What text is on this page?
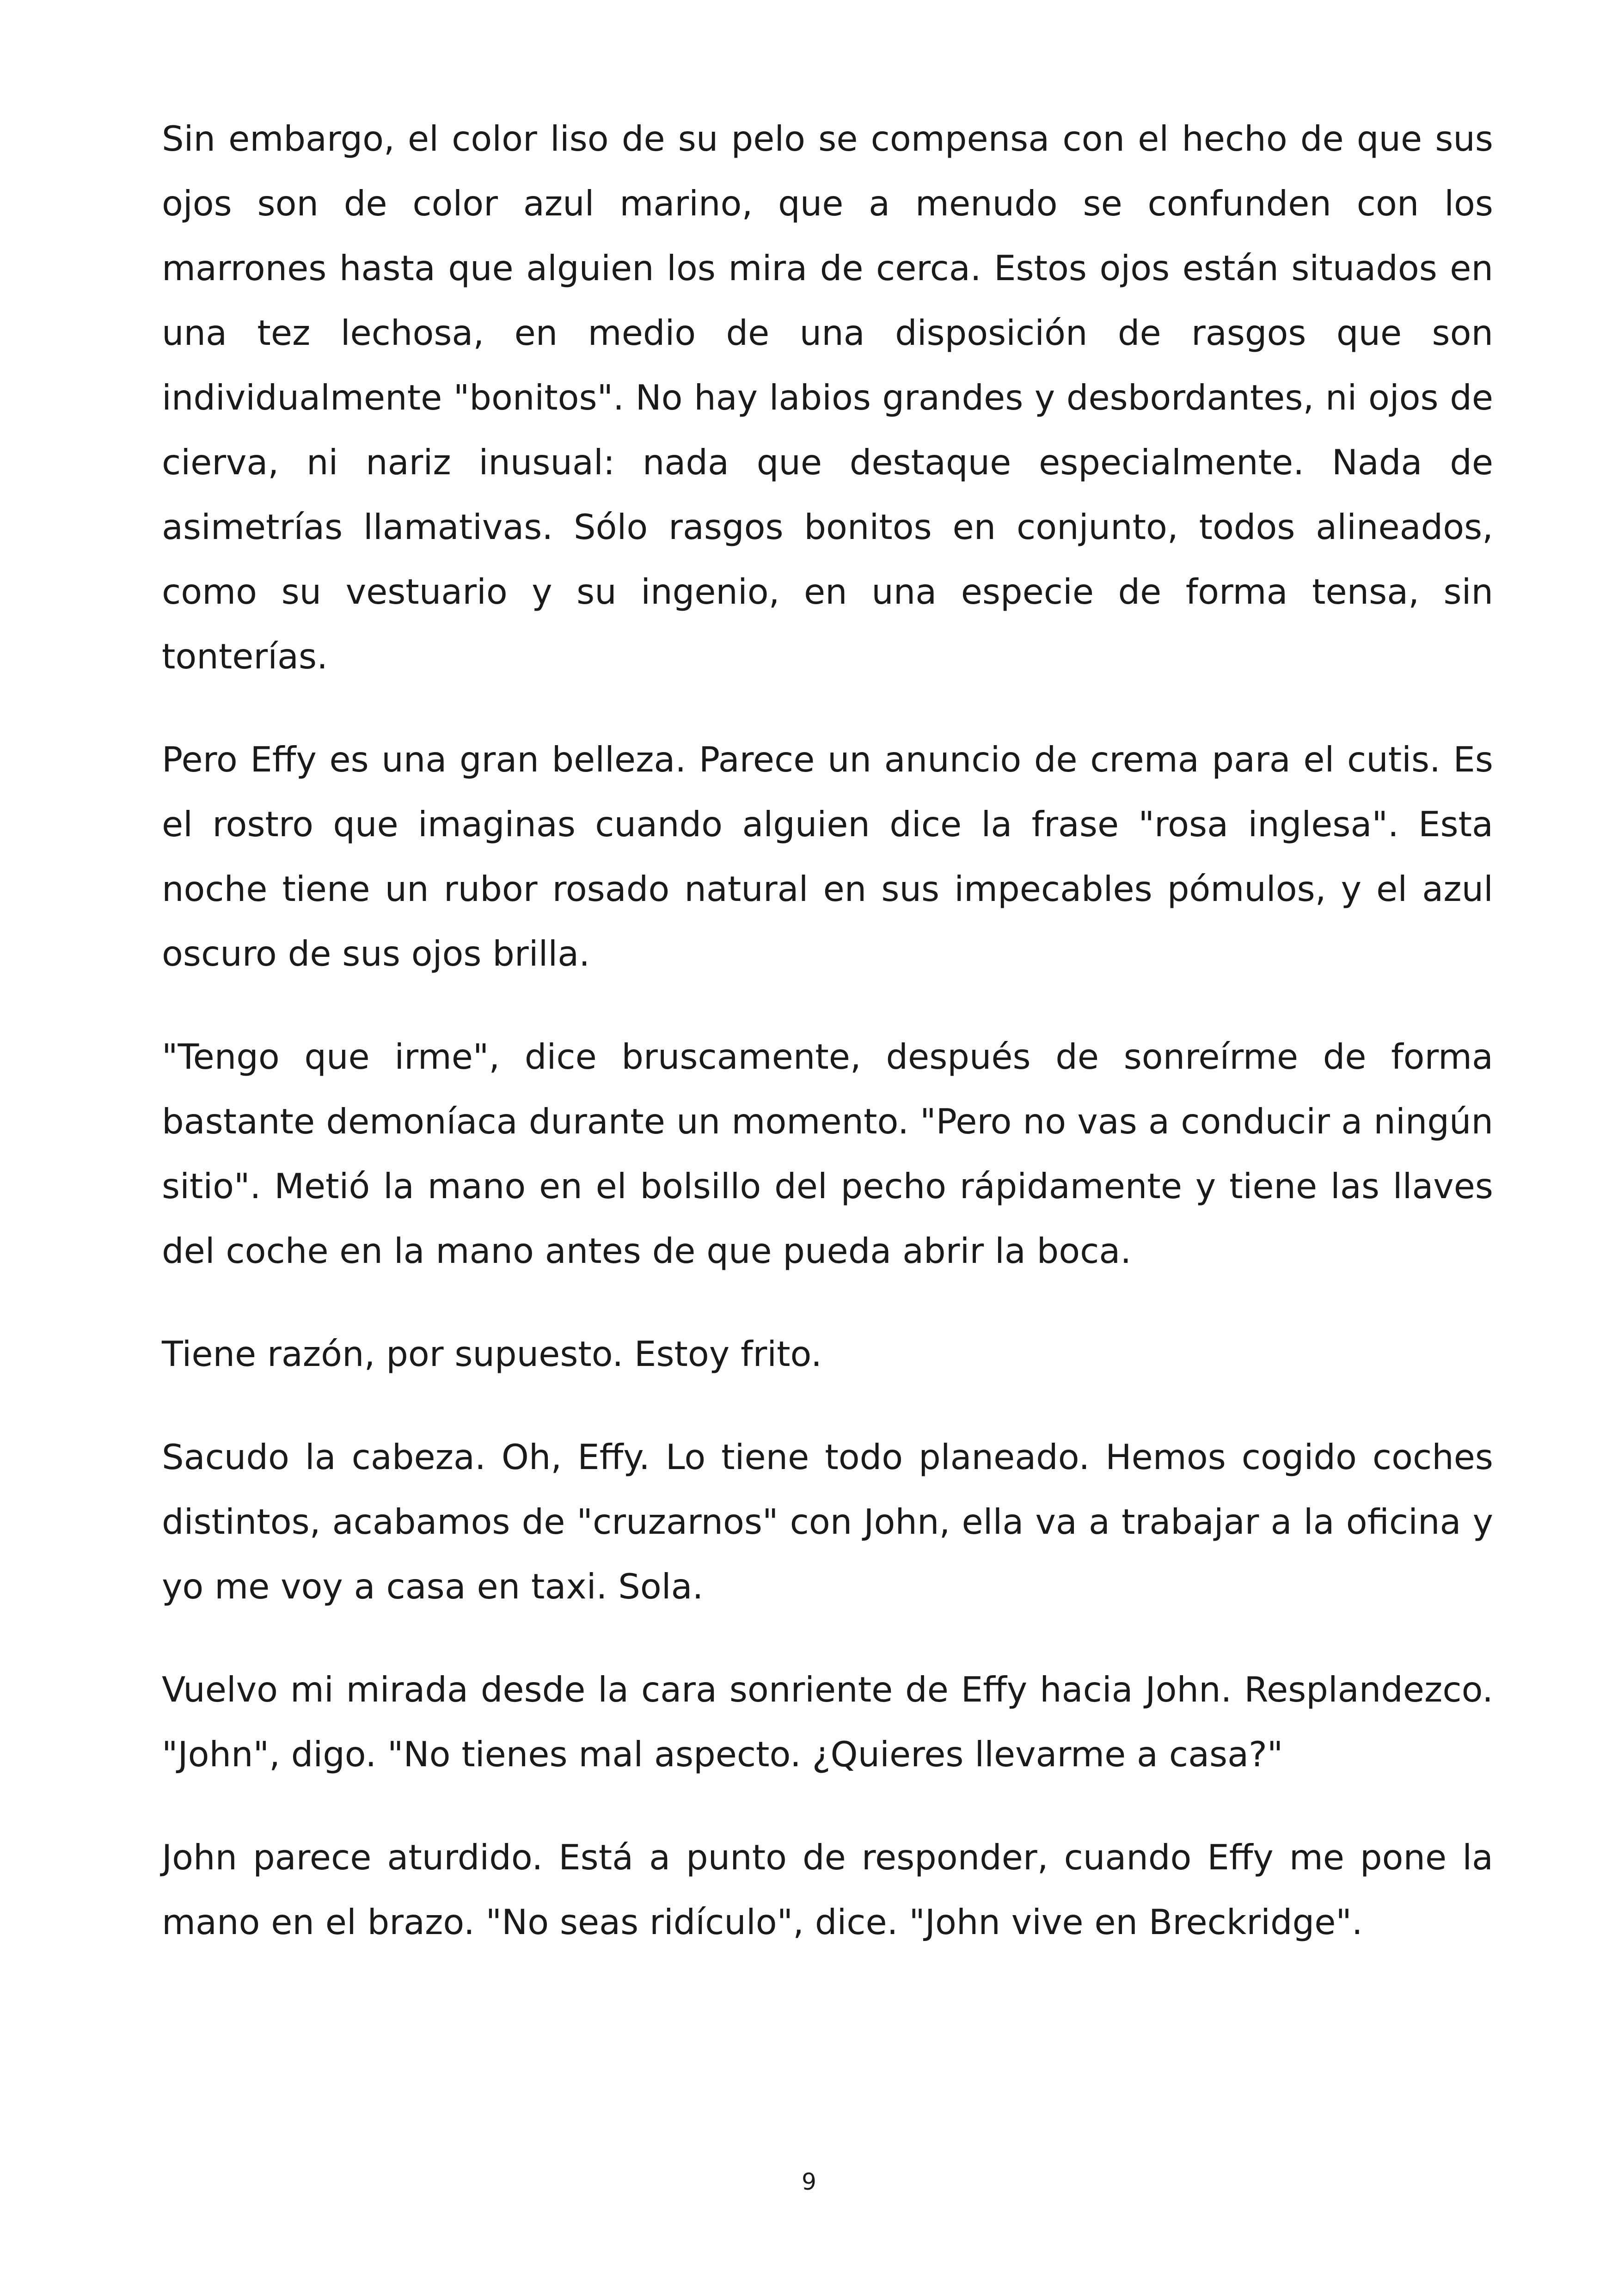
Sin embargo, el color liso de su pelo se compensa con el hecho de que sus ojos son de color azul marino, que a menudo se confunden con los marrones hasta que alguien los mira de cerca. Estos ojos están situados en una tez lechosa, en medio de una disposición de rasgos que son individualmente "bonitos". No hay labios grandes y desbordantes, ni ojos de cierva, ni nariz inusual: nada que destaque especialmente. Nada de asimetrías llamativas. Sólo rasgos bonitos en conjunto, todos alineados, como su vestuario y su ingenio, en una especie de forma tensa, sin tonterías.

Pero Effy es una gran belleza. Parece un anuncio de crema para el cutis. Es el rostro que imaginas cuando alguien dice la frase "rosa inglesa". Esta noche tiene un rubor rosado natural en sus impecables pómulos, y el azul oscuro de sus ojos brilla.

"Tengo que irme", dice bruscamente, después de sonreírme de forma bastante demoníaca durante un momento. "Pero no vas a conducir a ningún sitio". Metió la mano en el bolsillo del pecho rápidamente y tiene las llaves del coche en la mano antes de que pueda abrir la boca.

Tiene razón, por supuesto. Estoy frito.

Sacudo la cabeza. Oh, Effy. Lo tiene todo planeado. Hemos cogido coches distintos, acabamos de "cruzarnos" con John, ella va a trabajar a la oficina y yo me voy a casa en taxi. Sola.

Vuelvo mi mirada desde la cara sonriente de Effy hacia John. Resplandezco. "John", digo. "No tienes mal aspecto. ¿Quieres llevarme a casa?"

John parece aturdido. Está a punto de responder, cuando Effy me pone la mano en el brazo. "No seas ridículo", dice. "John vive en Breckridge".

9
